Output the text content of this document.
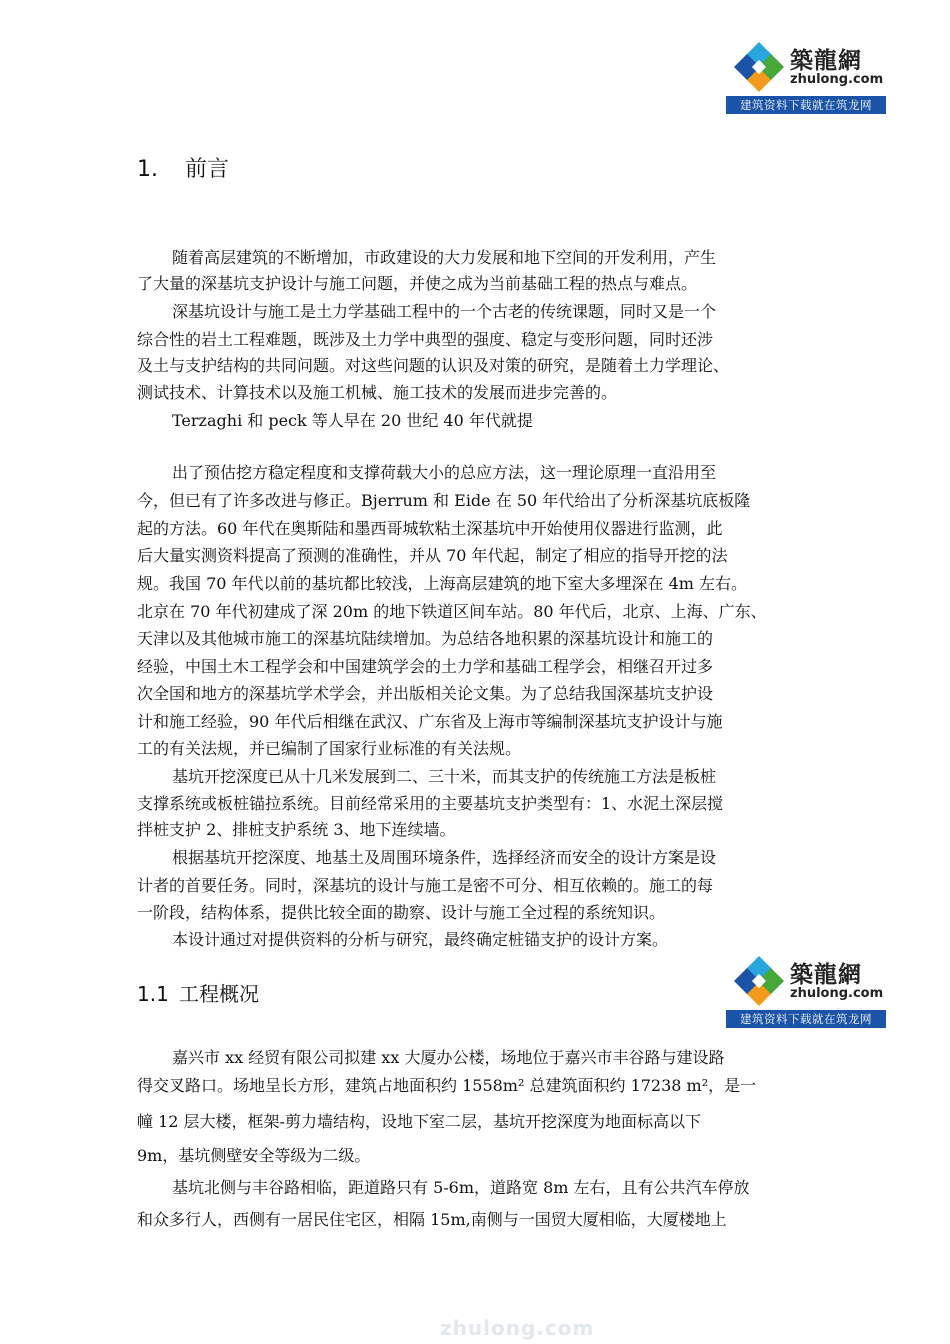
築龍網
zhulong.com
建筑资料下载就在筑龙网
1. 前言
随着高层建筑的不断增加，市政建设的大力发展和地下空间的开发利用，产生
了大量的深基坑支护设计与施工问题，并使之成为当前基础工程的热点与难点。
深基坑设计与施工是土力学基础工程中的一个古老的传统课题，同时又是一个
综合性的岩土工程难题，既涉及土力学中典型的强度、稳定与变形问题，同时还涉
及土与支护结构的共同问题。对这些问题的认识及对策的研究，是随着土力学理论、
测试技术、计算技术以及施工机械、施工技术的发展而进步完善的。
Terzaghi 和 peck 等人早在 20 世纪 40 年代就提
出了预估挖方稳定程度和支撑荷载大小的总应方法，这一理论原理一直沿用至
今，但已有了许多改进与修正。Bjerrum 和 Eide 在 50 年代给出了分析深基坑底板隆
起的方法。60 年代在奥斯陆和墨西哥城软粘土深基坑中开始使用仪器进行监测，此
后大量实测资料提高了预测的准确性，并从 70 年代起，制定了相应的指导开挖的法
规。我国 70 年代以前的基坑都比较浅，上海高层建筑的地下室大多埋深在 4m 左右。
北京在 70 年代初建成了深 20m 的地下铁道区间车站。80 年代后，北京、上海、广东、
天津以及其他城市施工的深基坑陆续增加。为总结各地积累的深基坑设计和施工的
经验，中国土木工程学会和中国建筑学会的土力学和基础工程学会，相继召开过多
次全国和地方的深基坑学术学会，并出版相关论文集。为了总结我国深基坑支护设
计和施工经验，90 年代后相继在武汉、广东省及上海市等编制深基坑支护设计与施
工的有关法规，并已编制了国家行业标准的有关法规。
基坑开挖深度已从十几米发展到二、三十米，而其支护的传统施工方法是板桩
支撑系统或板桩锚拉系统。目前经常采用的主要基坑支护类型有：1、水泥土深层搅
拌桩支护 2、排桩支护系统 3、地下连续墙。
根据基坑开挖深度、地基土及周围环境条件，选择经济而安全的设计方案是设
计者的首要任务。同时，深基坑的设计与施工是密不可分、相互依赖的。施工的每
一阶段，结构体系，提供比较全面的勘察、设计与施工全过程的系统知识。
本设计通过对提供资料的分析与研究，最终确定桩锚支护的设计方案。
築龍網
zhulong.com
建筑资料下载就在筑龙网
1.1 工程概况
嘉兴市 xx 经贸有限公司拟建 xx 大厦办公楼，场地位于嘉兴市丰谷路与建设路
得交叉路口。场地呈长方形，建筑占地面积约 1558m² 总建筑面积约 17238 m²，是一
幢 12 层大楼，框架-剪力墙结构，设地下室二层，基坑开挖深度为地面标高以下
9m，基坑侧壁安全等级为二级。
基坑北侧与丰谷路相临，距道路只有 5-6m，道路宽 8m 左右，且有公共汽车停放
和众多行人，西侧有一居民住宅区，相隔 15m,南侧与一国贸大厦相临，大厦楼地上
zhulong.com
